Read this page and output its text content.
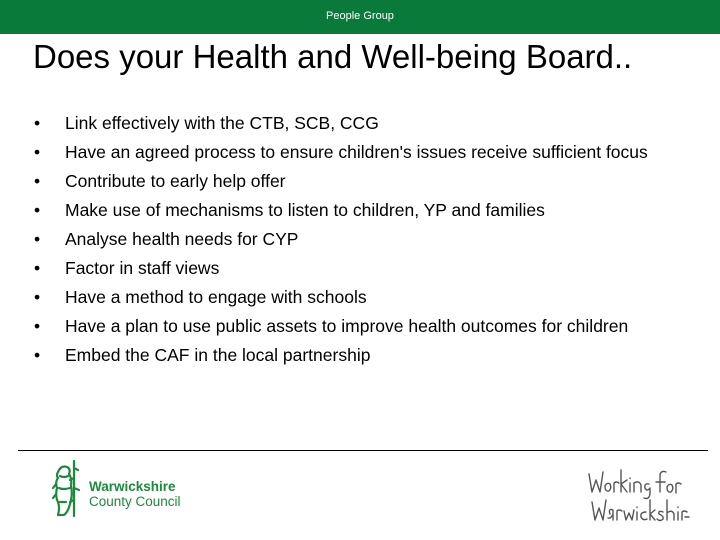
People Group
Does your Health and Well-being Board..
• Link effectively with the CTB, SCB, CCG
• Have an agreed process to ensure children's issues receive sufficient focus
• Contribute to early help offer
• Make use of mechanisms to listen to children, YP and families
• Analyse health needs for CYP
• Factor in staff views
• Have a method to engage with schools
• Have a plan to use public assets to improve health outcomes for children
• Embed the CAF in the local partnership
Warwickshire
County Council
